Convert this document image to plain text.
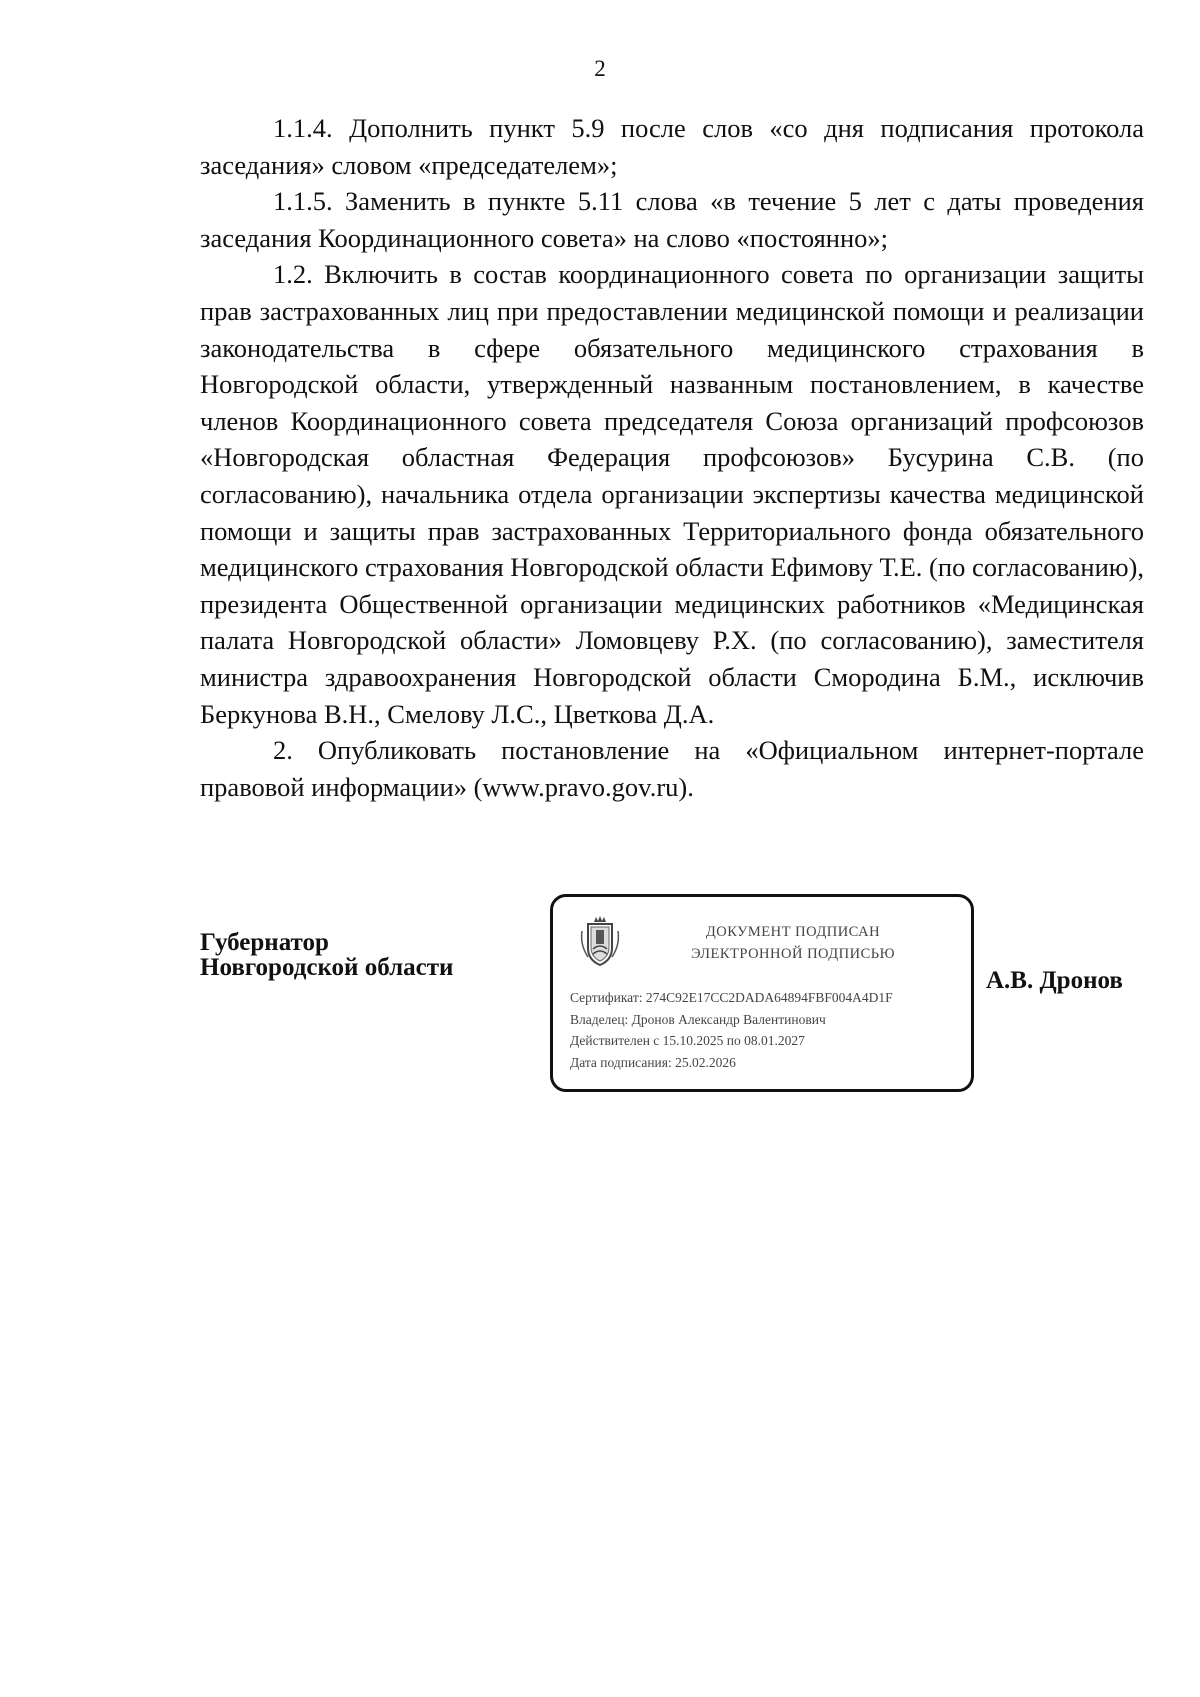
2

1.1.4. Дополнить пункт 5.9 после слов «со дня подписания протокола заседания» словом «председателем»;

1.1.5. Заменить в пункте 5.11 слова «в течение 5 лет с даты проведения заседания Координационного совета» на слово «постоянно»;

1.2. Включить в состав координационного совета по организации защиты прав застрахованных лиц при предоставлении медицинской помощи и реализации законодательства в сфере обязательного медицинского страхования в Новгородской области, утвержденный названным постановлением, в качестве членов Координационного совета председателя Союза организаций профсоюзов «Новгородская областная Федерация профсоюзов» Бусурина С.В. (по согласованию), начальника отдела организации экспертизы качества медицинской помощи и защиты прав застрахованных Территориального фонда обязательного медицинского страхования Новгородской области Ефимову Т.Е. (по согласованию), президента Общественной организации медицинских работников «Медицинская палата Новгородской области» Ломовцеву Р.Х. (по согласованию), заместителя министра здравоохранения Новгородской области Смородина Б.М., исключив Беркунова В.Н., Смелову Л.С., Цветкова Д.А.

2. Опубликовать постановление на «Официальном интернет-портале правовой информации» (www.pravo.gov.ru).

Губернатор
Новгородской области
ДОКУМЕНТ ПОДПИСАН
ЭЛЕКТРОННОЙ ПОДПИСЬЮ
Сертификат: 274C92E17CC2DADA64894FBF004A4D1F
Владелец: Дронов Александр Валентинович
Действителен с 15.10.2025 по 08.01.2027
Дата подписания: 25.02.2026
А.В. Дронов
